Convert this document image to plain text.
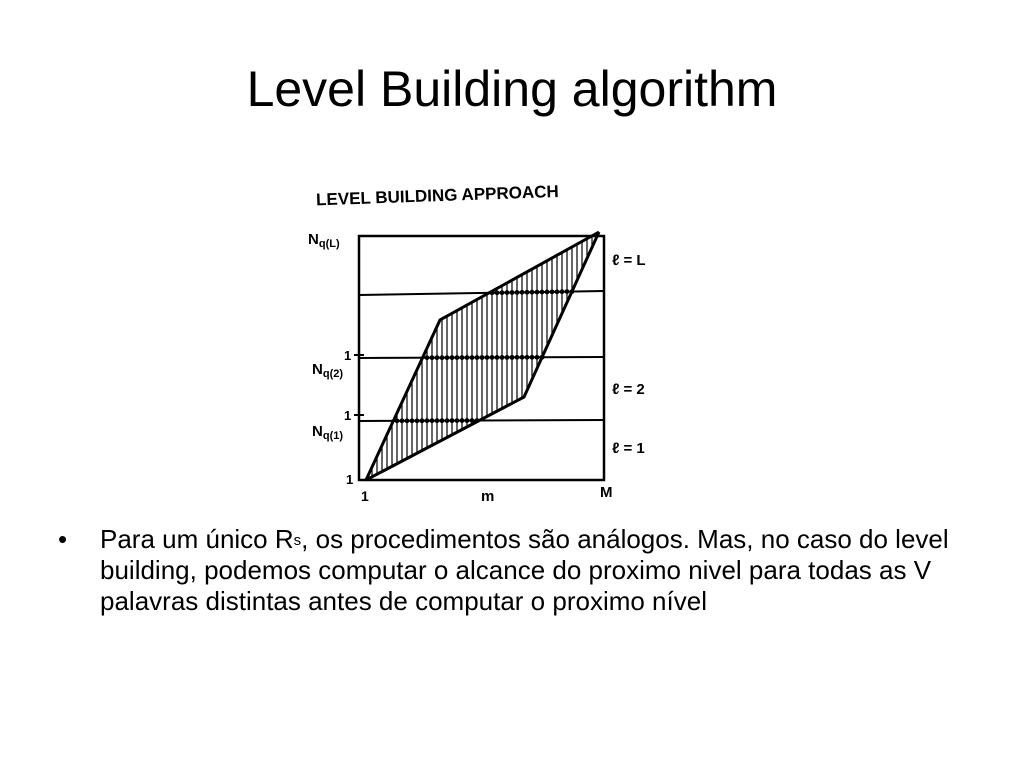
Level Building algorithm
LEVEL BUILDING APPROACH
$N_{q(L)}$
1
$N_{q(2)}$
1
$N_{q(1)}$
1
1	m	M
ℓ = L
ℓ = 2
ℓ = 1
• Para um único $R^s$, os procedimentos são análogos. Mas, no caso do level building, podemos computar o alcance do proximo nivel para todas as V palavras distintas antes de computar o proximo nível
